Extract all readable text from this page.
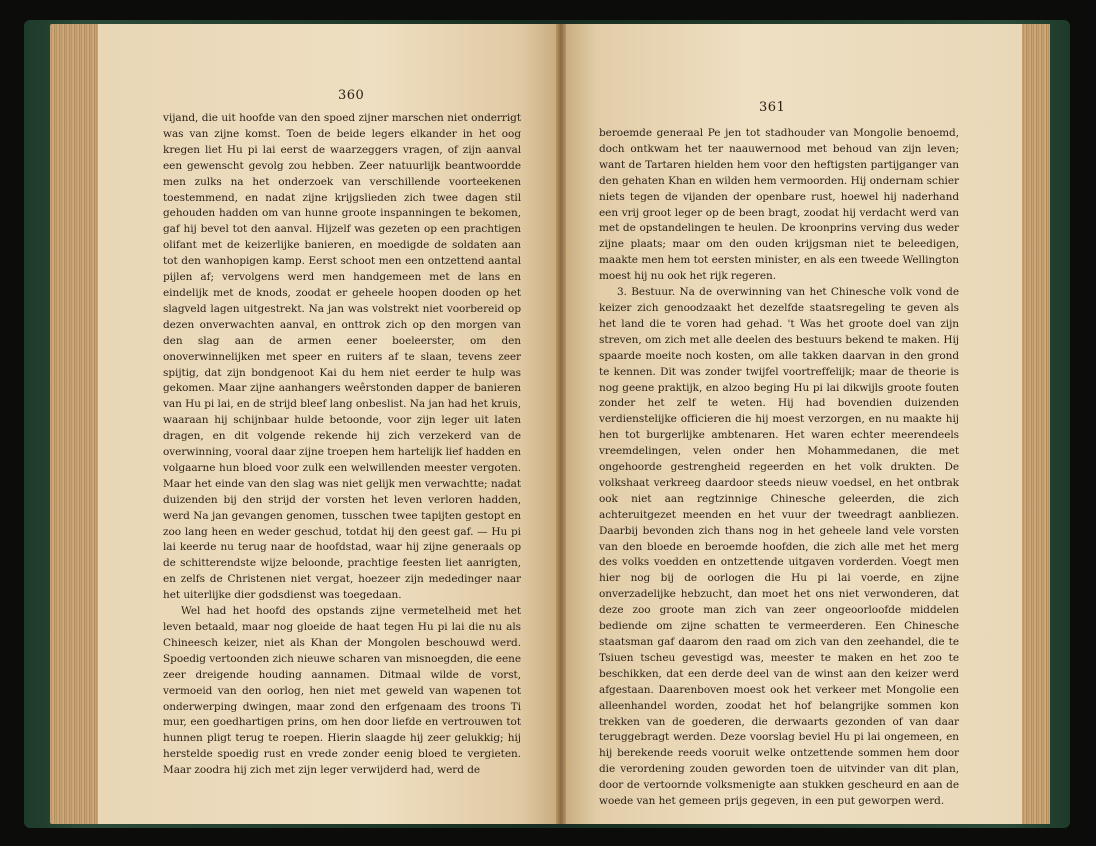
360

vijand, die uit hoofde van den spoed zijner marschen niet onderrigt was van zijne komst. Toen de beide legers elkander in het oog kregen liet Hu pi lai eerst de waarzeggers vragen, of zijn aanval een gewenscht gevolg zou hebben. Zeer natuurlijk beantwoordde men zulks na het onderzoek van verschillende voorteekenen toestemmend, en nadat zijne krijgslieden zich twee dagen stil gehouden hadden om van hunne groote inspanningen te bekomen, gaf hij bevel tot den aanval. Hijzelf was gezeten op een prachtigen olifant met de keizerlijke banieren, en moedigde de soldaten aan tot den wanhopigen kamp. Eerst schoot men een ontzettend aantal pijlen af; vervolgens werd men handgemeen met de lans en eindelijk met de knods, zoodat er geheele hoopen dooden op het slagveld lagen uitgestrekt. Na jan was volstrekt niet voorbereid op dezen onverwachten aanval, en onttrok zich op den morgen van den slag aan de armen eener boeleerster, om den onoverwinnelijken met speer en ruiters af te slaan, tevens zeer spijtig, dat zijn bondgenoot Kai du hem niet eerder te hulp was gekomen. Maar zijne aanhangers weêrstonden dapper de banieren van Hu pi lai, en de strijd bleef lang onbeslist. Na jan had het kruis, waaraan hij schijnbaar hulde betoonde, voor zijn leger uit laten dragen, en dit volgende rekende hij zich verzekerd van de overwinning, vooral daar zijne troepen hem hartelijk lief hadden en volgaarne hun bloed voor zulk een welwillenden meester vergoten. Maar het einde van den slag was niet gelijk men verwachtte; nadat duizenden bij den strijd der vorsten het leven verloren hadden, werd Na jan gevangen genomen, tusschen twee tapijten gestopt en zoo lang heen en weder geschud, totdat hij den geest gaf. — Hu pi lai keerde nu terug naar de hoofdstad, waar hij zijne generaals op de schitterendste wijze beloonde, prachtige feesten liet aanrigten, en zelfs de Christenen niet vergat, hoezeer zijn mededinger naar het uiterlijke dier godsdienst was toegedaan.

Wel had het hoofd des opstands zijne vermetelheid met het leven betaald, maar nog gloeide de haat tegen Hu pi lai die nu als Chineesch keizer, niet als Khan der Mongolen beschouwd werd. Spoedig vertoonden zich nieuwe scharen van misnoegden, die eene zeer dreigende houding aannamen. Ditmaal wilde de vorst, vermoeid van den oorlog, hen niet met geweld van wapenen tot onderwerping dwingen, maar zond den erfgenaam des troons Ti mur, een goedhartigen prins, om hen door liefde en vertrouwen tot hunnen pligt terug te roepen. Hierin slaagde hij zeer gelukkig; hij herstelde spoedig rust en vrede zonder eenig bloed te vergieten. Maar zoodra hij zich met zijn leger verwijderd had, werd de

361

beroemde generaal Pe jen tot stadhouder van Mongolie benoemd, doch ontkwam het ter naauwernood met behoud van zijn leven; want de Tartaren hielden hem voor den heftigsten partijganger van den gehaten Khan en wilden hem vermoorden. Hij ondernam schier niets tegen de vijanden der openbare rust, hoewel hij naderhand een vrij groot leger op de been bragt, zoodat hij verdacht werd van met de opstandelingen te heulen. De kroonprins verving dus weder zijne plaats; maar om den ouden krijgsman niet te beleedigen, maakte men hem tot eersten minister, en als een tweede Wellington moest hij nu ook het rijk regeren.

3. Bestuur. Na de overwinning van het Chinesche volk vond de keizer zich genoodzaakt het dezelfde staatsregeling te geven als het land die te voren had gehad. 't Was het groote doel van zijn streven, om zich met alle deelen des bestuurs bekend te maken. Hij spaarde moeite noch kosten, om alle takken daarvan in den grond te kennen. Dit was zonder twijfel voortreffelijk; maar de theorie is nog geene praktijk, en alzoo beging Hu pi lai dikwijls groote fouten zonder het zelf te weten. Hij had bovendien duizenden verdienstelijke officieren die hij moest verzorgen, en nu maakte hij hen tot burgerlijke ambtenaren. Het waren echter meerendeels vreemdelingen, velen onder hen Mohammedanen, die met ongehoorde gestrengheid regeerden en het volk drukten. De volkshaat verkreeg daardoor steeds nieuw voedsel, en het ontbrak ook niet aan regtzinnige Chinesche geleerden, die zich achteruitgezet meenden en het vuur der tweedragt aanbliezen. Daarbij bevonden zich thans nog in het geheele land vele vorsten van den bloede en beroemde hoofden, die zich alle met het merg des volks voedden en ontzettende uitgaven vorderden. Voegt men hier nog bij de oorlogen die Hu pi lai voerde, en zijne onverzadelijke hebzucht, dan moet het ons niet verwonderen, dat deze zoo groote man zich van zeer ongeoorloofde middelen bediende om zijne schatten te vermeerderen. Een Chinesche staatsman gaf daarom den raad om zich van den zeehandel, die te Tsiuen tscheu gevestigd was, meester te maken en het zoo te beschikken, dat een derde deel van de winst aan den keizer werd afgestaan. Daarenboven moest ook het verkeer met Mongolie een alleenhandel worden, zoodat het hof belangrijke sommen kon trekken van de goederen, die derwaarts gezonden of van daar teruggebragt werden. Deze voorslag beviel Hu pi lai ongemeen, en hij berekende reeds vooruit welke ontzettende sommen hem door die verordening zouden geworden toen de uitvinder van dit plan, door de vertoornde volksmenigte aan stukken gescheurd en aan de woede van het gemeen prijs gegeven, in een put geworpen werd.
